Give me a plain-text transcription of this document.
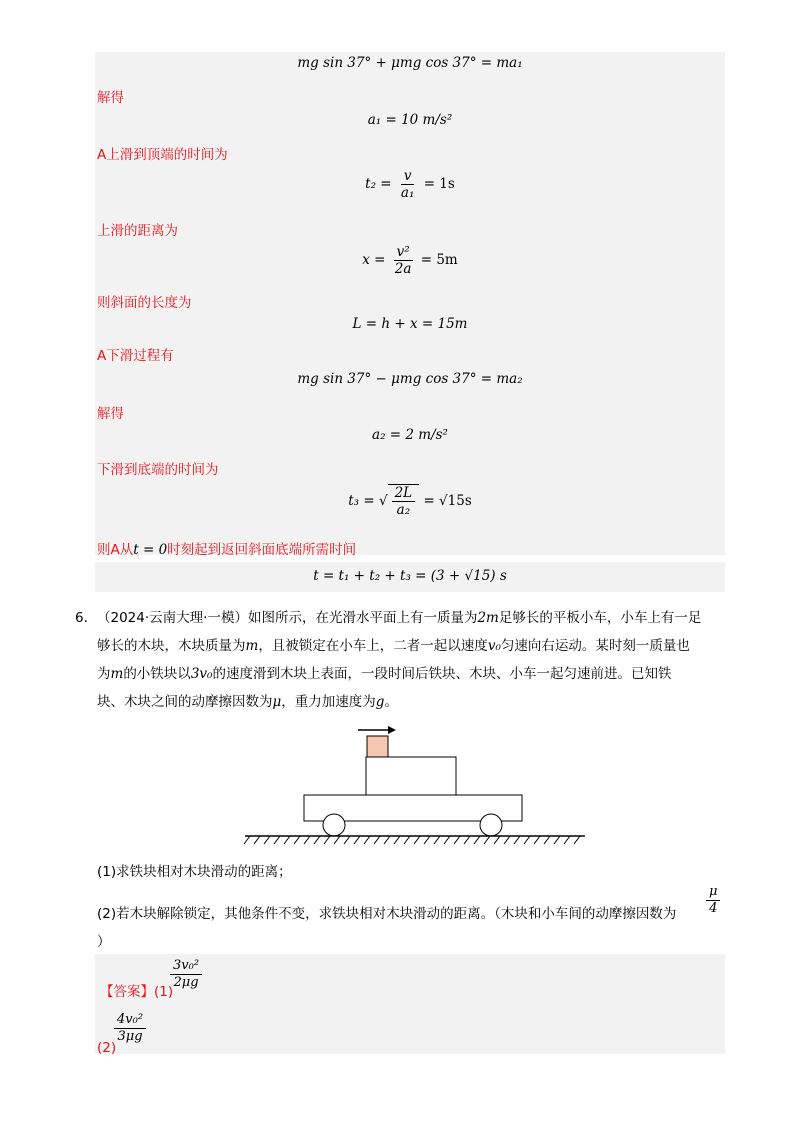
mg sin 37° + μmg cos 37° = ma₁
解得
a₁ = 10 m/s²
A上滑到顶端的时间为
$t_2 = \frac{v}{\text{a₁}} = 1s$
上滑的距离为
$x = \frac{\text{v²}}{2a} = 5m$
则斜面的长度为
L = h + x = 15m
A下滑过程有
mg sin 37° − μmg cos 37° = ma₂
解得
a₂ = 2 m/s²
下滑到底端的时间为
t₃ = √ $\frac{2L}{\text{a₂}} = √15s$
则A从t = 0时刻起到返回斜面底端所需时间
t = t₁ + t₂ + t₃ = (3 + √15) s
6. （2024·云南大理·一模）如图所示，在光滑水平面上有一质量为2m足够长的平板小车，小车上有一足
够长的木块，木块质量为m，且被锁定在小车上，二者一起以速度v₀匀速向右运动。某时刻一质量也
为m的小铁块以3v₀的速度滑到木块上表面，一段时间后铁块、木块、小车一起匀速前进。已知铁
块、木块之间的动摩擦因数为μ，重力加速度为g。
(1)求铁块相对木块滑动的距离；
(2)若木块解除锁定，其他条件不变，求铁块相对木块滑动的距离。（木块和小车间的动摩擦因数为	$\frac{\mu}{4}$
）
【答案】(1)
$\frac{\text{3v₀²}}{2\mu g}$
(2)
$\frac{\text{4v₀²}}{3\mu g}$
